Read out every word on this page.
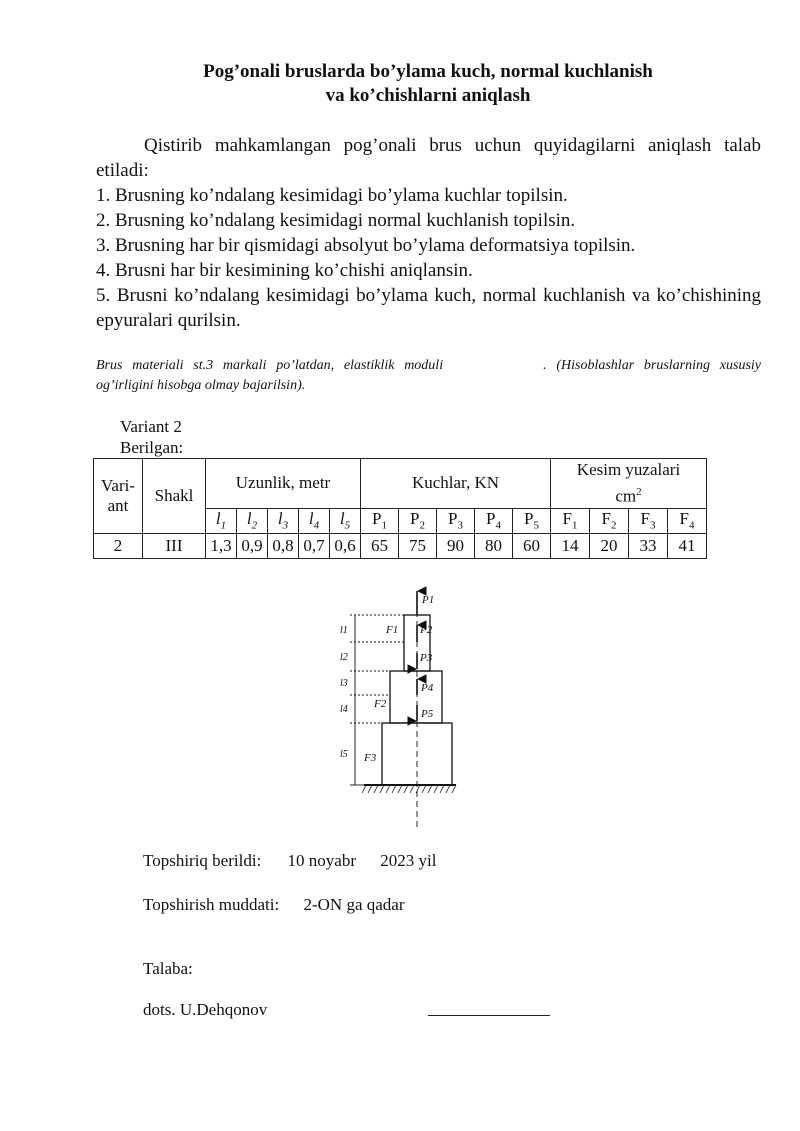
Pog’onali bruslarda bo’ylama kuch, normal kuchlanish
va ko’chishlarni aniqlash

Qistirib mahkamlangan pog’onali brus uchun quyidagilarni aniqlash talab etiladi:

1. Brusning ko’ndalang kesimidagi bo’ylama kuchlar topilsin.

2. Brusning ko’ndalang kesimidagi normal kuchlanish topilsin.

3. Brusning har bir qismidagi absolyut bo’ylama deformatsiya topilsin.

4. Brusni har bir kesimining ko’chishi aniqlansin.

5. Brusni ko’ndalang kesimidagi bo’ylama kuch, normal kuchlanish va ko’chishining epyuralari qurilsin.

Brus materiali st.3 markali po’latdan, elastiklik moduli	. (Hisoblashlar bruslarning xususiy og’irligini hisobga olmay bajarilsin).
Variant 2
Berilgan:
Vari-ant	Shakl	Uzunlik, metr					Kuchlar, KN					Kesim yuzalari
$cm^2$
		$l_1$	$l_2$	$l_3$	$l_4$	$l_5$	$P_1$	$P_2$	$P_3$	$P_4$	$P_5$	$F_1$	$F_2$	$F_3$	$F_4$
2	III	1,3	0,9	0,8	0,7	0,6	65	75	90	80	60	14	20	33	41
P1
P2
P3
P4
P5
F1
F2
F3
l1
l2
l3
l4
l5
Topshiriq berildi: 10 noyabr 2023 yil
Topshirish muddati: 2-ON ga qadar
Talaba:
dots. U.Dehqonov
